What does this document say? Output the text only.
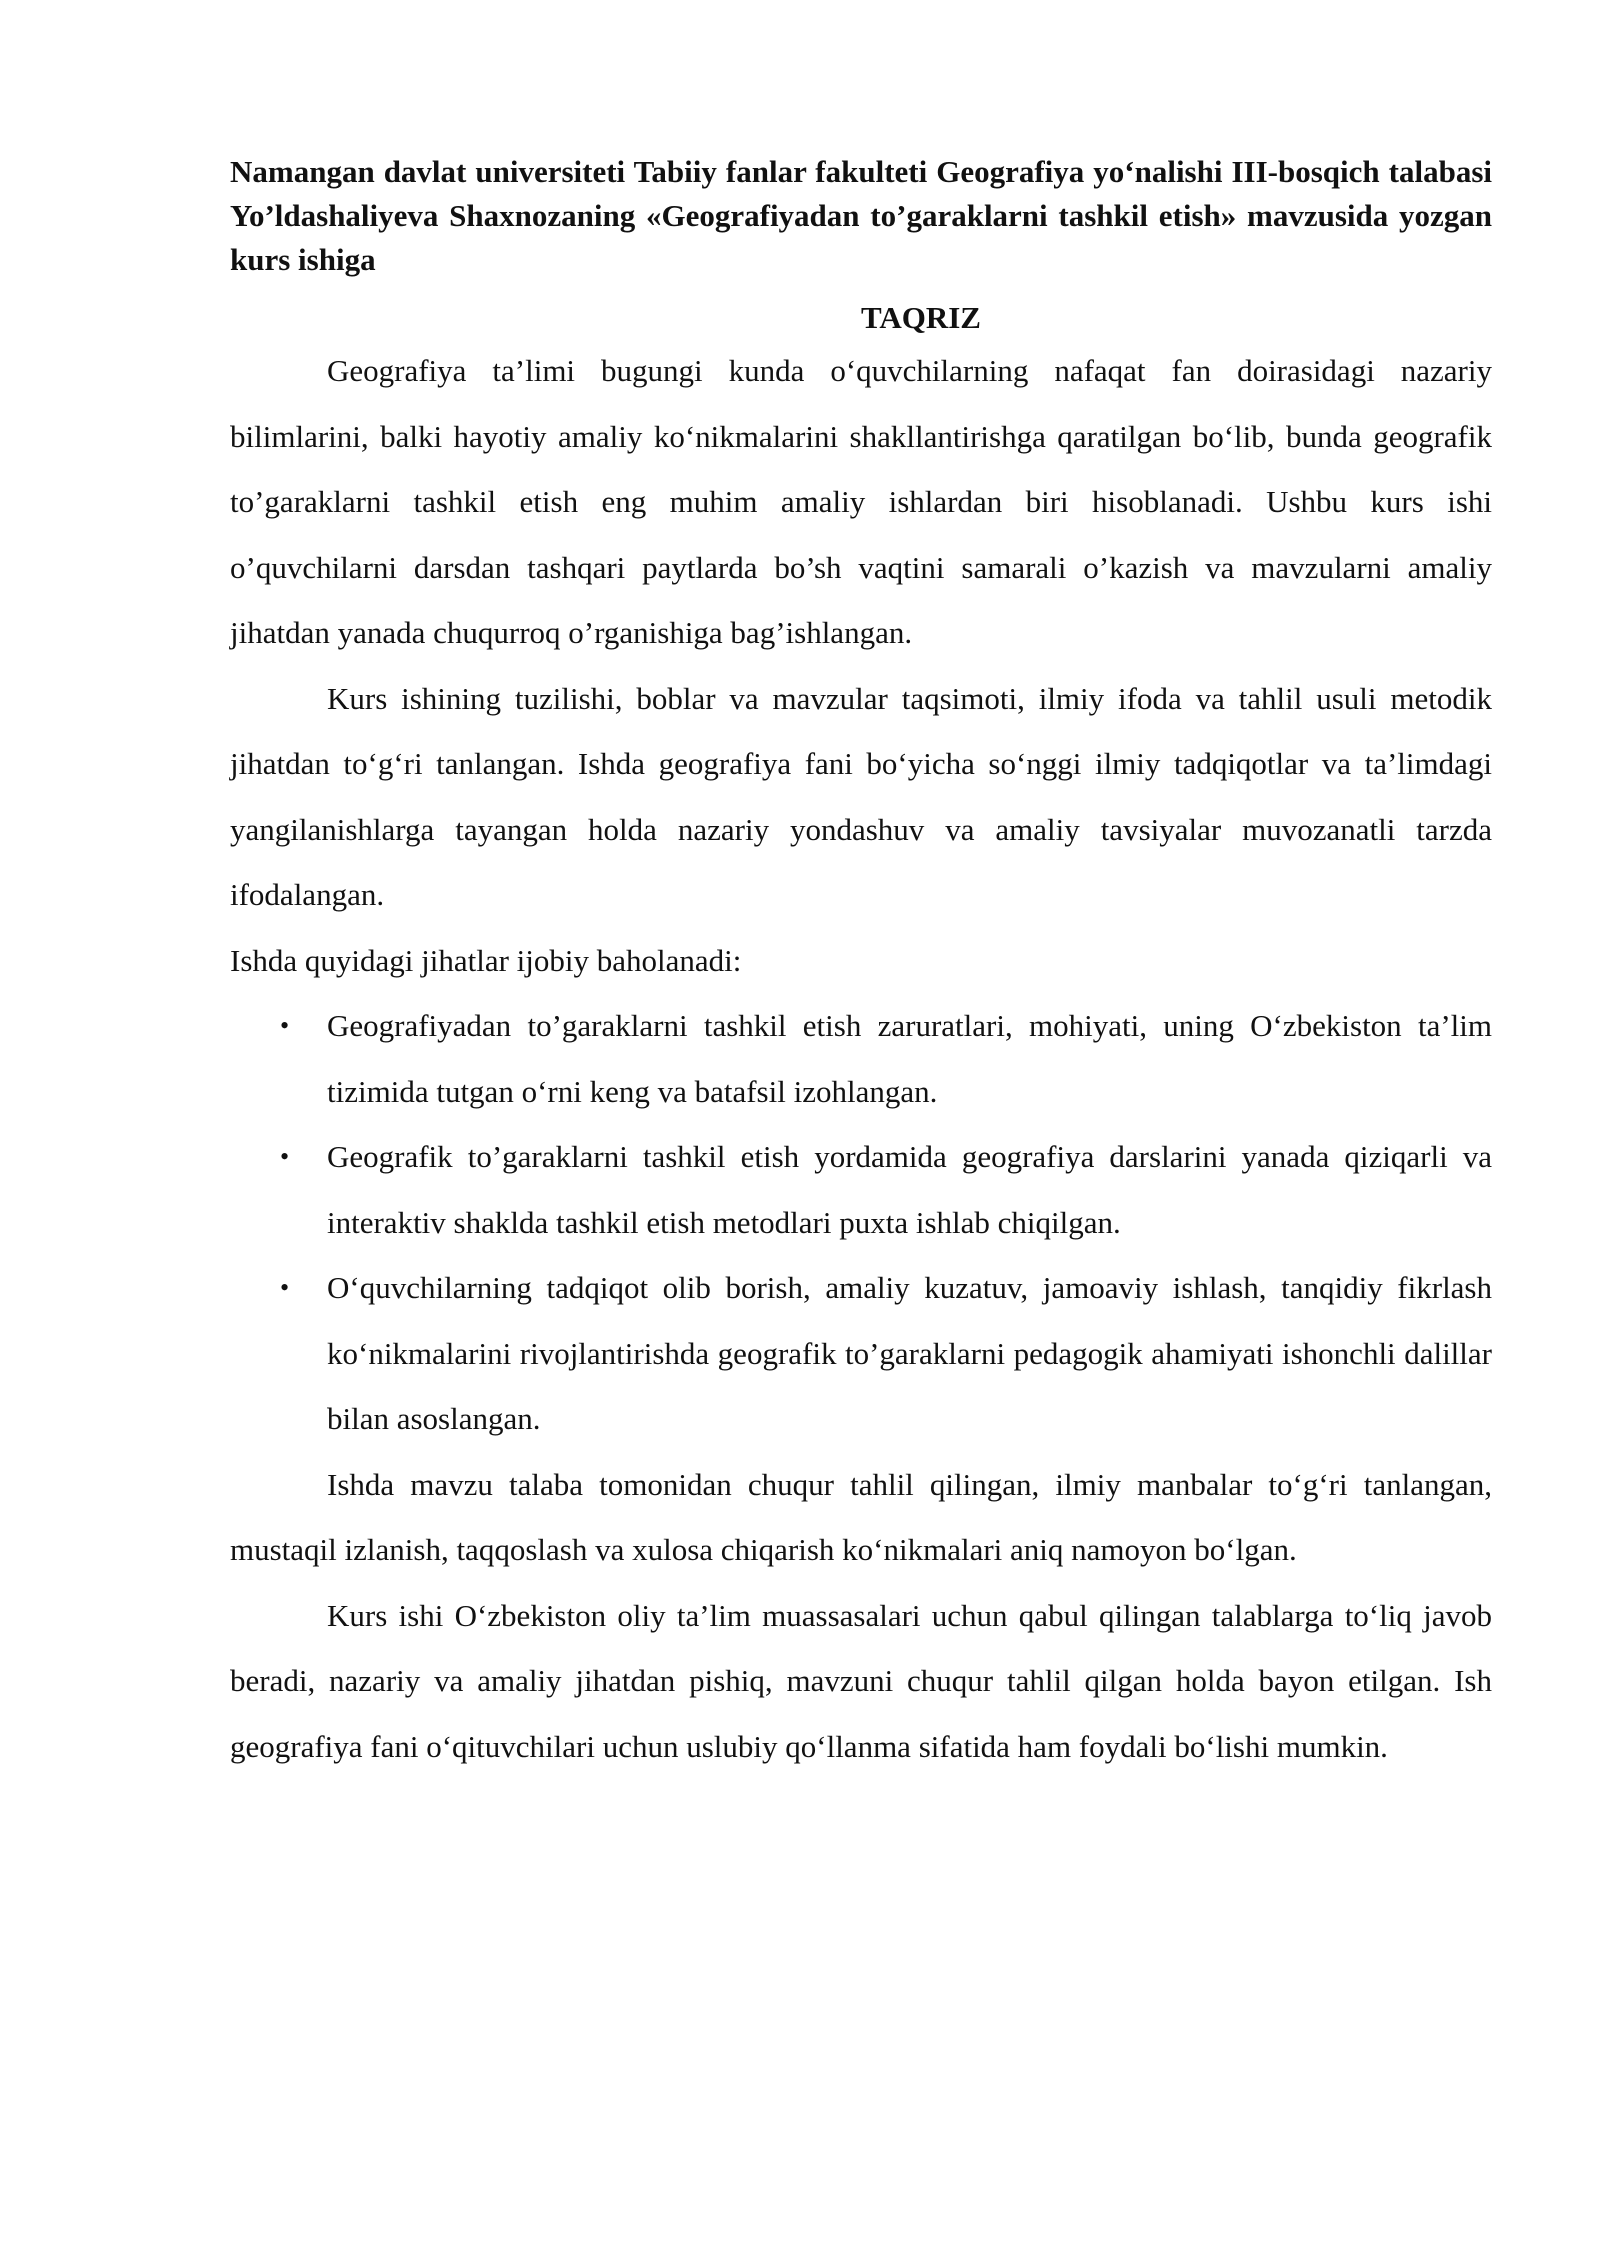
Namangan davlat universiteti Tabiiy fanlar fakulteti Geografiya yo‘nalishi III-bosqich talabasi Yo’ldashaliyeva Shaxnozaning «Geografiyadan to’garaklarni tashkil etish» mavzusida yozgan kurs ishiga

TAQRIZ

Geografiya ta’limi bugungi kunda o‘quvchilarning nafaqat fan doirasidagi nazariy bilimlarini, balki hayotiy amaliy ko‘nikmalarini shakllantirishga qaratilgan bo‘lib, bunda geografik to’garaklarni tashkil etish eng muhim amaliy ishlardan biri hisoblanadi. Ushbu kurs ishi o’quvchilarni darsdan tashqari paytlarda bo’sh vaqtini samarali o’kazish va mavzularni amaliy jihatdan yanada chuqurroq o’rganishiga bag’ishlangan.

Kurs ishining tuzilishi, boblar va mavzular taqsimoti, ilmiy ifoda va tahlil usuli metodik jihatdan to‘g‘ri tanlangan. Ishda geografiya fani bo‘yicha so‘nggi ilmiy tadqiqotlar va ta’limdagi yangilanishlarga tayangan holda nazariy yondashuv va amaliy tavsiyalar muvozanatli tarzda ifodalangan.

Ishda quyidagi jihatlar ijobiy baholanadi:

• Geografiyadan to’garaklarni tashkil etish zaruratlari, mohiyati, uning O‘zbekiston ta’lim tizimida tutgan o‘rni keng va batafsil izohlangan.
• Geografik to’garaklarni tashkil etish yordamida geografiya darslarini yanada qiziqarli va interaktiv shaklda tashkil etish metodlari puxta ishlab chiqilgan.
• O‘quvchilarning tadqiqot olib borish, amaliy kuzatuv, jamoaviy ishlash, tanqidiy fikrlash ko‘nikmalarini rivojlantirishda geografik to’garaklarni pedagogik ahamiyati ishonchli dalillar bilan asoslangan.

Ishda mavzu talaba tomonidan chuqur tahlil qilingan, ilmiy manbalar to‘g‘ri tanlangan, mustaqil izlanish, taqqoslash va xulosa chiqarish ko‘nikmalari aniq namoyon bo‘lgan.

Kurs ishi O‘zbekiston oliy ta’lim muassasalari uchun qabul qilingan talablarga to‘liq javob beradi, nazariy va amaliy jihatdan pishiq, mavzuni chuqur tahlil qilgan holda bayon etilgan. Ish geografiya fani o‘qituvchilari uchun uslubiy qo‘llanma sifatida ham foydali bo‘lishi mumkin.
